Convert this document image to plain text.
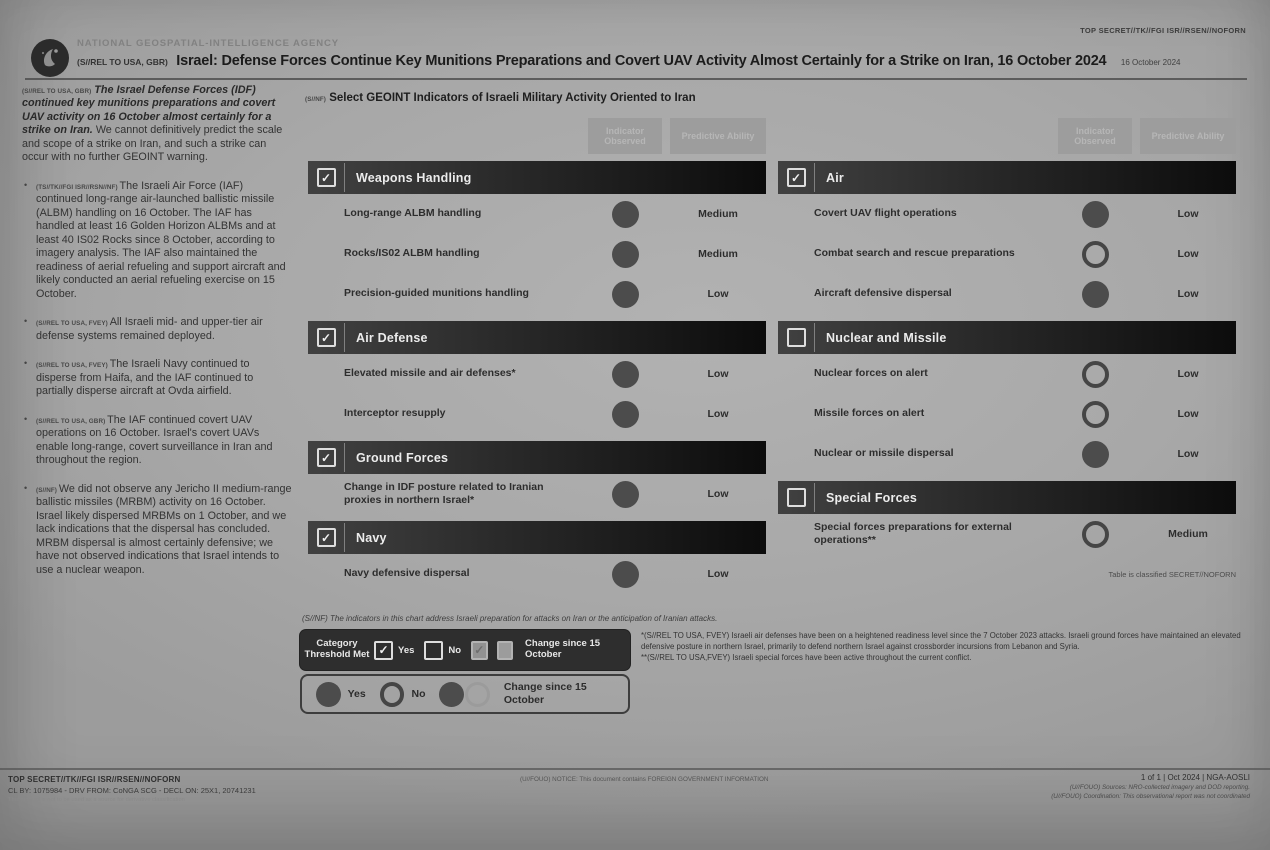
TOP SECRET//TK//FGI ISR//RSEN//NOFORN
NATIONAL GEOSPATIAL-INTELLIGENCE AGENCY
(S//REL TO USA, GBR) Israel: Defense Forces Continue Key Munitions Preparations and Covert UAV Activity Almost Certainly for a Strike on Iran, 16 October 2024 16 October 2024
(S//REL TO USA, GBR) The Israel Defense Forces (IDF) continued key munitions preparations and covert UAV activity on 16 October almost certainly for a strike on Iran. We cannot definitively predict the scale and scope of a strike on Iran, and such a strike can occur with no further GEOINT warning.
• (TS//TK//FGI ISR//RSN//NF) The Israeli Air Force (IAF) continued long-range air-launched ballistic missile (ALBM) handling on 16 October. The IAF has handled at least 16 Golden Horizon ALBMs and at least 40 IS02 Rocks since 8 October, according to imagery analysis. The IAF also maintained the readiness of aerial refueling and support aircraft and likely conducted an aerial refueling exercise on 15 October.
• (S//REL TO USA, FVEY) All Israeli mid- and upper-tier air defense systems remained deployed.
• (S//REL TO USA, FVEY) The Israeli Navy continued to disperse from Haifa, and the IAF continued to partially disperse aircraft at Ovda airfield.
• (S//REL TO USA, GBR) The IAF continued covert UAV operations on 16 October. Israel's covert UAVs enable long-range, covert surveillance in Iran and throughout the region.
• (S//NF) We did not observe any Jericho II medium-range ballistic missiles (MRBM) activity on 16 October. Israel likely dispersed MRBMs on 1 October, and we lack indications that the dispersal has concluded. MRBM dispersal is almost certainly defensive; we have not observed indications that Israel intends to use a nuclear weapon.
(S//NF) Select GEOINT Indicators of Israeli Military Activity Oriented to Iran
Indicator Observed
Predictive Ability
✓	Weapons Handling
Long-range ALBM handling	Medium
Rocks/IS02 ALBM handling	Medium
Precision-guided munitions handling	Low
✓	Air Defense
Elevated missile and air defenses*	Low
Interceptor resupply	Low
✓	Ground Forces
Change in IDF posture related to Iranian proxies in northern Israel*	Low
✓	Navy
Navy defensive dispersal	Low
Indicator Observed
Predictive Ability
✓	Air
Covert UAV flight operations	Low
Combat search and rescue preparations	Low
Aircraft defensive dispersal	Low
Nuclear and Missile
Nuclear forces on alert	Low
Missile forces on alert	Low
Nuclear or missile dispersal	Low
Special Forces
Special forces preparations for external operations**	Medium
Table is classified SECRET//NOFORN
(S//NF) The indicators in this chart address Israeli preparation for attacks on Iran or the anticipation of Iranian attacks.
Category Threshold Met ✓ Yes	No ✓	Change since 15 October
Yes	No
Change since 15 October

*(S//REL TO USA, FVEY) Israeli air defenses have been on a heightened readiness level since the 7 October 2023 attacks. Israeli ground forces have maintained an elevated defensive posture in northern Israel, primarily to defend northern Israel against crossborder incursions from Lebanon and Syria.

**(S//REL TO USA,FVEY) Israeli special forces have been active throughout the current conflict.

TOP SECRET//TK//FGI ISR//RSEN//NOFORN
CL BY: 1075984 - DRV FROM: CoNGA SCG - DECL ON: 25X1, 20741231
This product is not to be used as a source for derivative classification
(U//FOUO) NOTICE: This document contains FOREIGN GOVERNMENT INFORMATION	1 of 1 | Oct 2024 | NGA-AOSLI
(U//FOUO) Sources: NRO-collected imagery and DOD reporting.
(U//FOUO) Coordination: This observational report was not coordinated
